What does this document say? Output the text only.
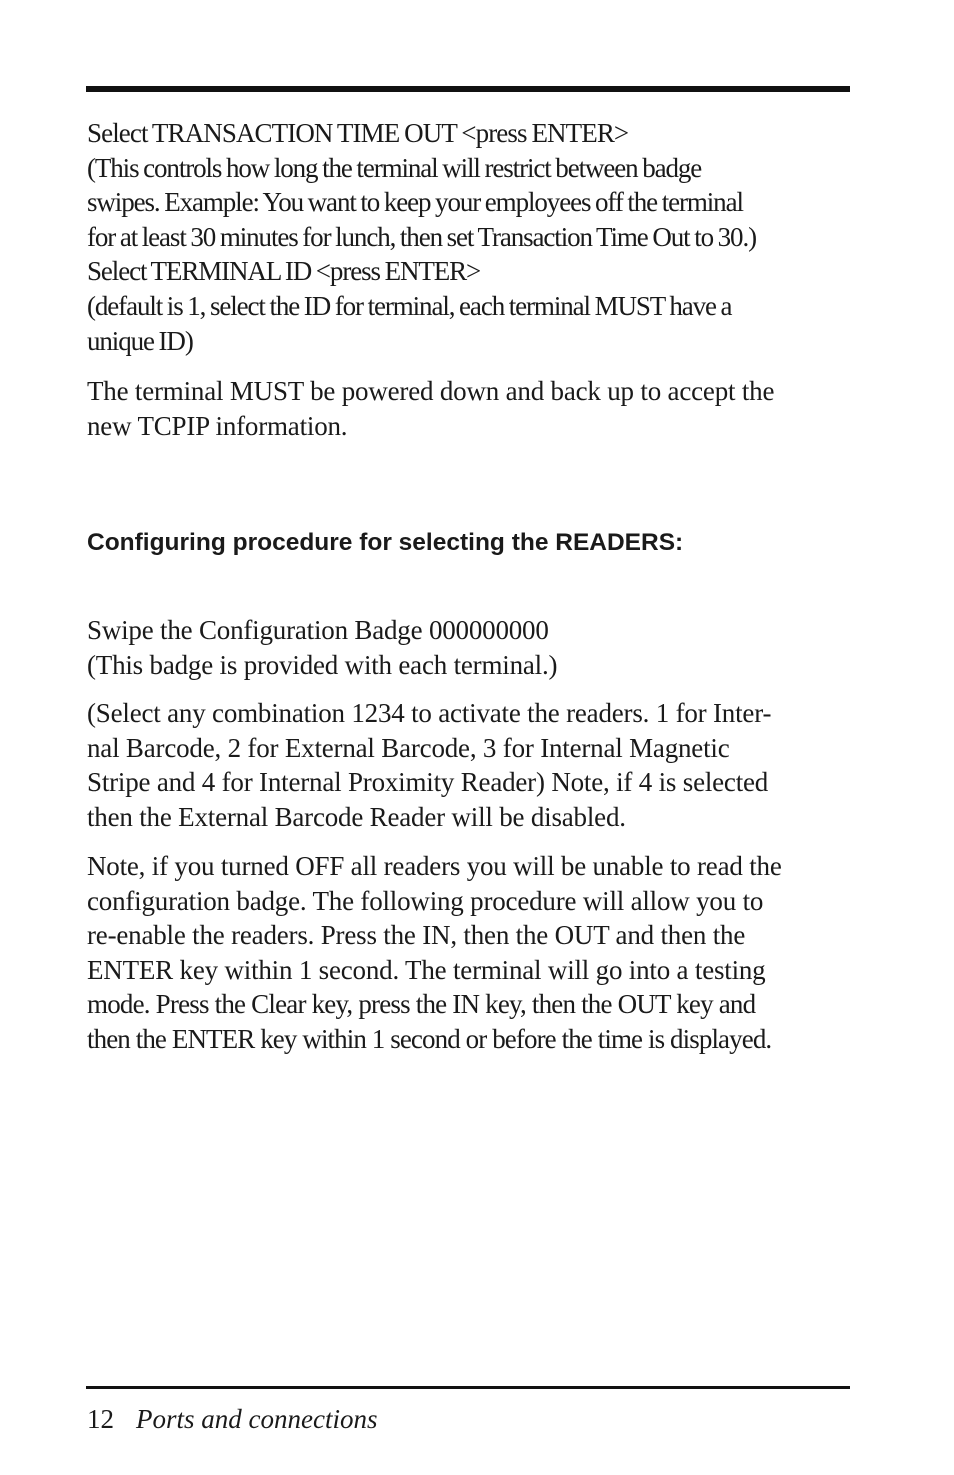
Select TRANSACTION TIME OUT <press ENTER>
(This controls how long the terminal will restrict between badge
swipes. Example: You want to keep your employees off the terminal
for at least 30 minutes for lunch, then set Transaction Time Out to 30.)
Select TERMINAL ID <press ENTER>
(default is 1, select the ID for terminal, each terminal MUST have a
unique ID)
The terminal MUST be powered down and back up to accept the
new TCPIP information.
Configuring procedure for selecting the READERS:
Swipe the Configuration Badge 000000000
(This badge is provided with each terminal.)
(Select any combination 1234 to activate the readers. 1 for Inter-
nal Barcode, 2 for External Barcode, 3 for Internal Magnetic
Stripe and 4 for Internal Proximity Reader) Note, if 4 is selected
then the External Barcode Reader will be disabled.
Note, if you turned OFF all readers you will be unable to read the
configuration badge. The following procedure will allow you to
re-enable the readers. Press the IN, then the OUT and then the
ENTER key within 1 second. The terminal will go into a testing
mode. Press the Clear key, press the IN key, then the OUT key and
then the ENTER key within 1 second or before the time is displayed.
12 Ports and connections
